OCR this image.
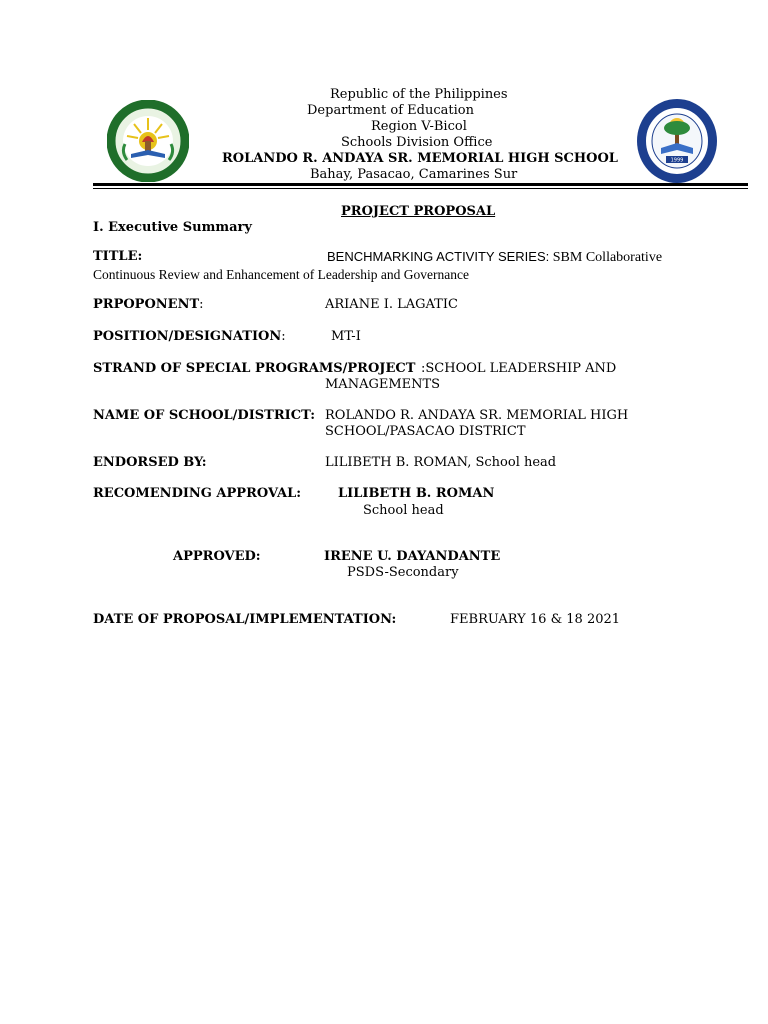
1999
Republic of the Philippines
Department of Education
Region V-Bicol
Schools Division Office
ROLANDO R. ANDAYA SR. MEMORIAL HIGH SCHOOL
Bahay, Pasacao, Camarines Sur
PROJECT PROPOSAL
I. Executive Summary
TITLE:	BENCHMARKING ACTIVITY SERIES: SBM Collaborative
Continuous Review and Enhancement of Leadership and Governance
PRPOPONENT:	ARIANE I. LAGATIC
POSITION/DESIGNATION:	MT-I
STRAND OF SPECIAL PROGRAMS/PROJECT :SCHOOL LEADERSHIP AND
MANAGEMENTS
NAME OF SCHOOL/DISTRICT: ROLANDO R. ANDAYA SR. MEMORIAL HIGH
SCHOOL/PASACAO DISTRICT
ENDORSED BY:	LILIBETH B. ROMAN, School head
RECOMENDING APPROVAL:	LILIBETH B. ROMAN
School head
APPROVED:	IRENE U. DAYANDANTE
PSDS-Secondary
DATE OF PROPOSAL/IMPLEMENTATION:	FEBRUARY 16 & 18 2021
